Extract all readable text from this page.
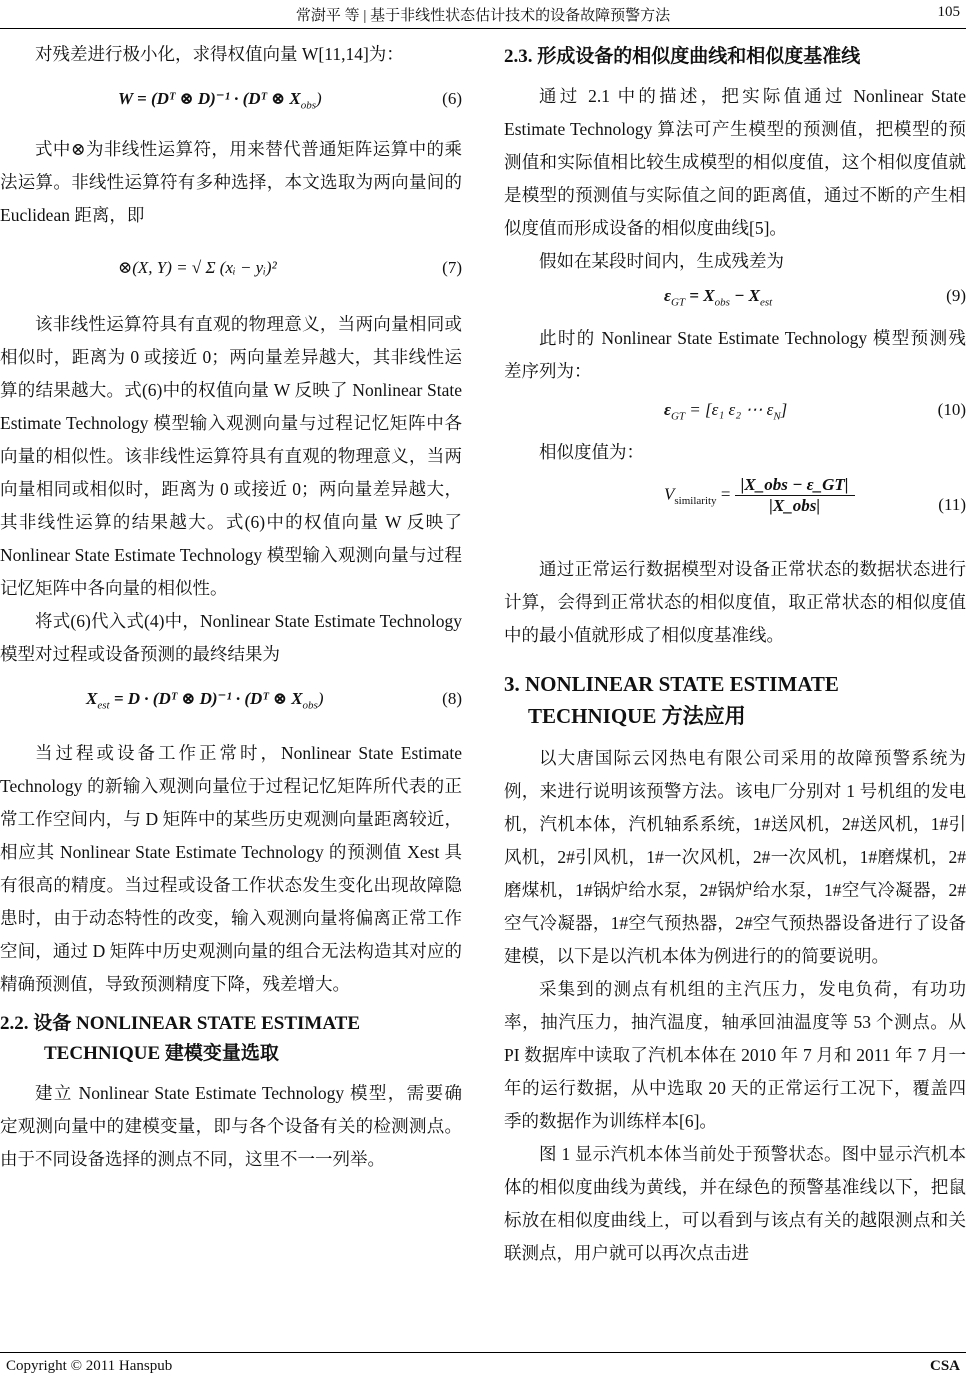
常澍平 等 | 基于非线性状态估计技术的设备故障预警方法	105

对残差进行极小化，求得权值向量 W[11,14]为：

W = (Dᵀ ⊗ D)⁻¹ · (Dᵀ ⊗ $X_{obs}$)	(6)

式中⊗为非线性运算符，用来替代普通矩阵运算中的乘法运算。非线性运算符有多种选择，本文选取为两向量间的 Euclidean 距离，即

⊗(X, Y) = √ Σ (xᵢ − yᵢ)²	(7)

该非线性运算符具有直观的物理意义，当两向量相同或相似时，距离为 0 或接近 0；两向量差异越大，其非线性运算的结果越大。式(6)中的权值向量 W 反映了 Nonlinear State Estimate Technology 模型输入观测向量与过程记忆矩阵中各向量的相似性。该非线性运算符具有直观的物理意义，当两向量相同或相似时，距离为 0 或接近 0；两向量差异越大，其非线性运算的结果越大。式(6)中的权值向量 W 反映了 Nonlinear State Estimate Technology 模型输入观测向量与过程记忆矩阵中各向量的相似性。

将式(6)代入式(4)中，Nonlinear State Estimate Technology 模型对过程或设备预测的最终结果为

$X_{est} = D$ · (Dᵀ ⊗ D)⁻¹ · (Dᵀ ⊗ $X_{obs}$)	(8)

当过程或设备工作正常时，Nonlinear State Estimate Technology 的新输入观测向量位于过程记忆矩阵所代表的正常工作空间内，与 D 矩阵中的某些历史观测向量距离较近，相应其 Nonlinear State Estimate Technology 的预测值 Xest 具有很高的精度。当过程或设备工作状态发生变化出现故障隐患时，由于动态特性的改变，输入观测向量将偏离正常工作空间，通过 D 矩阵中历史观测向量的组合无法构造其对应的精确预测值，导致预测精度下降，残差增大。

2.2. 设备 NONLINEAR STATE ESTIMATE
TECHNIQUE 建模变量选取

建立 Nonlinear State Estimate Technology 模型，需要确定观测向量中的建模变量，即与各个设备有关的检测测点。由于不同设备选择的测点不同，这里不一一列举。

2.3. 形成设备的相似度曲线和相似度基准线

通过 2.1 中的描述，把实际值通过 Nonlinear State Estimate Technology 算法可产生模型的预测值，把模型的预测值和实际值相比较生成模型的相似度值，这个相似度值就是模型的预测值与实际值之间的距离值，通过不断的产生相似度值而形成设备的相似度曲线[5]。

假如在某段时间内，生成残差为

$\varepsilon_{GT} = X_{obs} - X_{est}$	(9)

此时的 Nonlinear State Estimate Technology 模型预测残差序列为：

$\varepsilon_{GT} = [\varepsilon_1$ ε₂ ⋯ $\varepsilon_N$]	(10)

相似度值为：

$V_{similarity} = \frac{\text{|X\_obs − ε\_GT|}}{\text{|X\_obs|}}$	(11)

通过正常运行数据模型对设备正常状态的数据状态进行计算，会得到正常状态的相似度值，取正常状态的相似度值中的最小值就形成了相似度基准线。

3. NONLINEAR STATE ESTIMATE
TECHNIQUE 方法应用

以大唐国际云冈热电有限公司采用的故障预警系统为例，来进行说明该预警方法。该电厂分别对 1 号机组的发电机，汽机本体，汽机轴系系统，1#送风机，2#送风机，1#引风机，2#引风机，1#一次风机，2#一次风机，1#磨煤机，2#磨煤机，1#锅炉给水泵，2#锅炉给水泵，1#空气冷凝器，2#空气冷凝器，1#空气预热器，2#空气预热器设备进行了设备建模，以下是以汽机本体为例进行的的简要说明。

采集到的测点有机组的主汽压力，发电负荷，有功功率，抽汽压力，抽汽温度，轴承回油温度等 53 个测点。从 PI 数据库中读取了汽机本体在 2010 年 7 月和 2011 年 7 月一年的运行数据，从中选取 20 天的正常运行工况下，覆盖四季的数据作为训练样本[6]。

图 1 显示汽机本体当前处于预警状态。图中显示汽机本体的相似度曲线为黄线，并在绿色的预警基准线以下，把鼠标放在相似度曲线上，可以看到与该点有关的越限测点和关联测点，用户就可以再次点击进

Copyright © 2011 Hanspub	CSA
